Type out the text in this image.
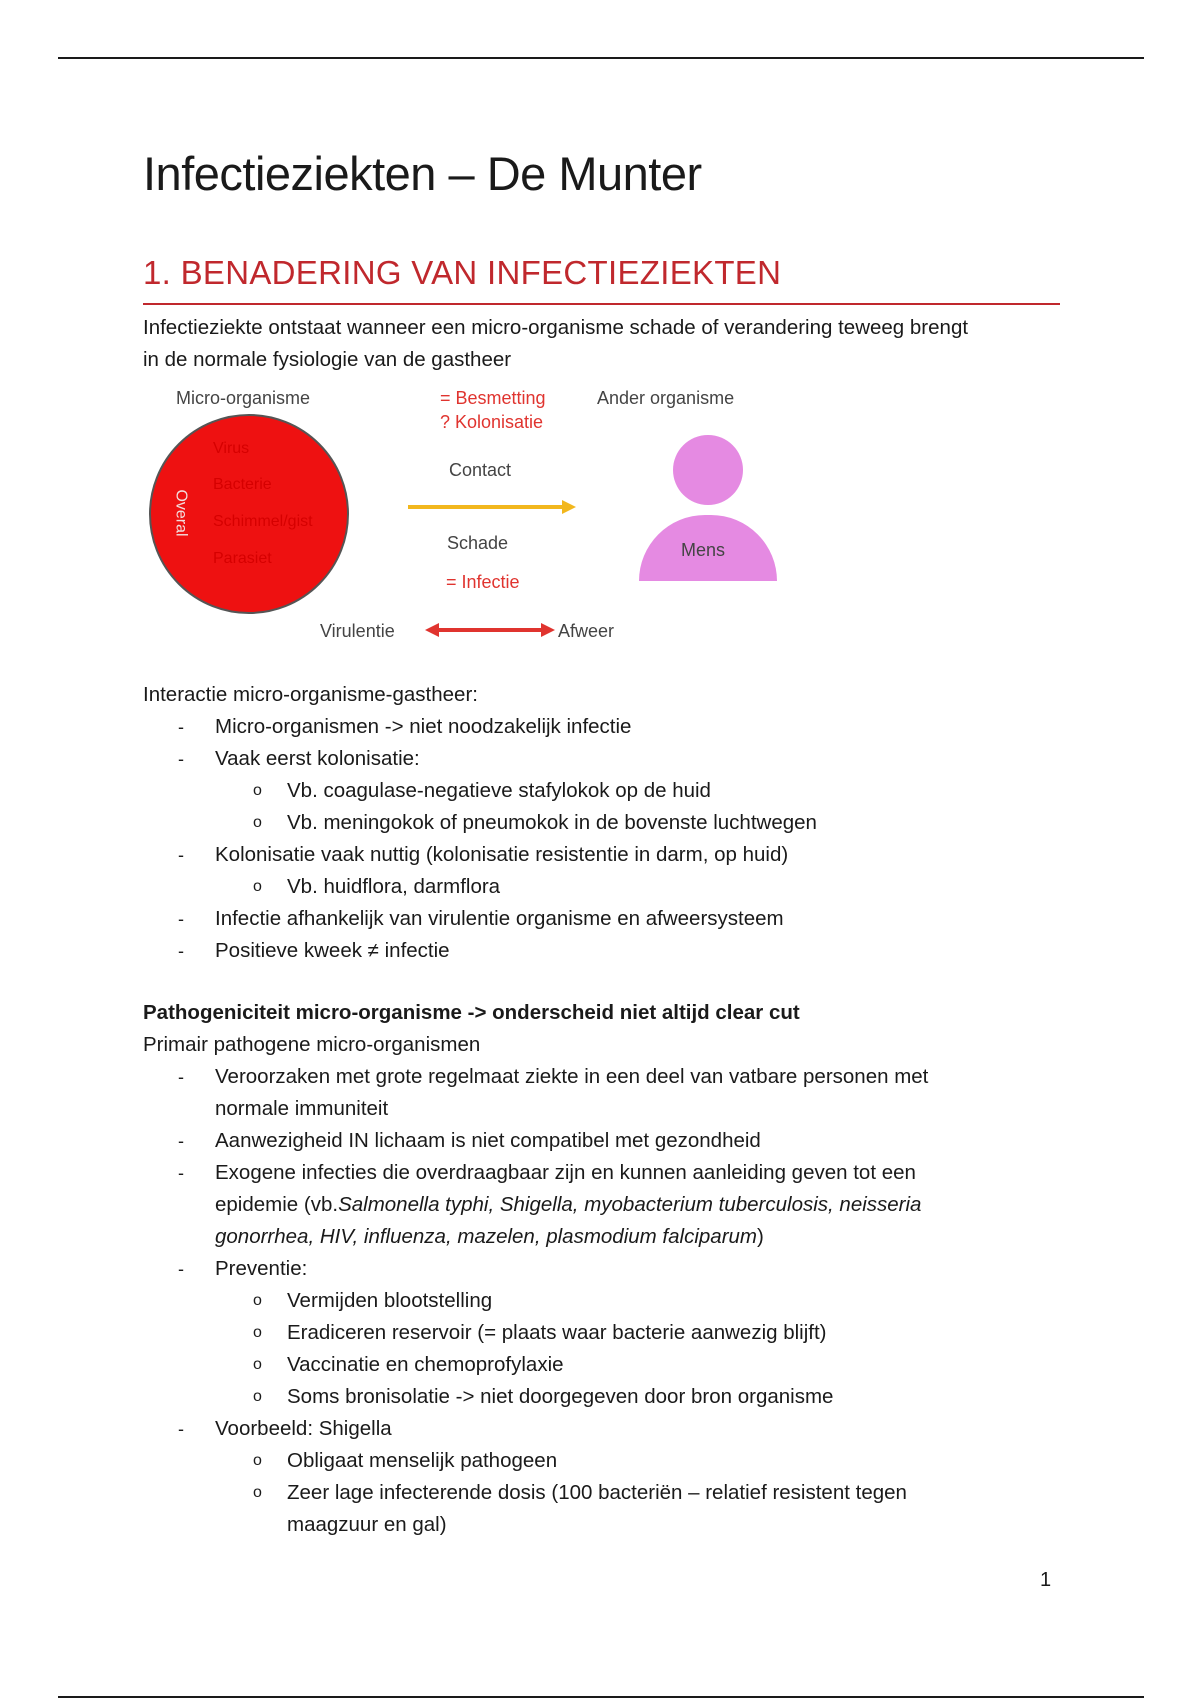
Infectieziekten – De Munter
1. BENADERING VAN INFECTIEZIEKTEN
Infectieziekte ontstaat wanneer een micro-organisme schade of verandering teweeg brengt
in de normale fysiologie van de gastheer
Micro-organisme	= Besmetting
? Kolonisatie
Ander organisme
Overal
Virus
Bacterie
Schimmel/gist
Parasiet
Contact
Schade
= Infectie
Mens
Virulentie	Afweer
Interactie micro-organisme-gastheer:
- Micro-organismen -> niet noodzakelijk infectie
- Vaak eerst kolonisatie:
o Vb. coagulase-negatieve stafylokok op de huid
o Vb. meningokok of pneumokok in de bovenste luchtwegen
- Kolonisatie vaak nuttig (kolonisatie resistentie in darm, op huid)
o Vb. huidflora, darmflora
- Infectie afhankelijk van virulentie organisme en afweersysteem
- Positieve kweek ≠ infectie
Pathogeniciteit micro-organisme -> onderscheid niet altijd clear cut
Primair pathogene micro-organismen
- Veroorzaken met grote regelmaat ziekte in een deel van vatbare personen met
normale immuniteit
- Aanwezigheid IN lichaam is niet compatibel met gezondheid
- Exogene infecties die overdraagbaar zijn en kunnen aanleiding geven tot een
epidemie (vb.Salmonella typhi, Shigella, myobacterium tuberculosis, neisseria
gonorrhea, HIV, influenza, mazelen, plasmodium falciparum)
- Preventie:
o Vermijden blootstelling
o Eradiceren reservoir (= plaats waar bacterie aanwezig blijft)
o Vaccinatie en chemoprofylaxie
o Soms bronisolatie -> niet doorgegeven door bron organisme
- Voorbeeld: Shigella
o Obligaat menselijk pathogeen
o Zeer lage infecterende dosis (100 bacteriën – relatief resistent tegen
maagzuur en gal)
1
